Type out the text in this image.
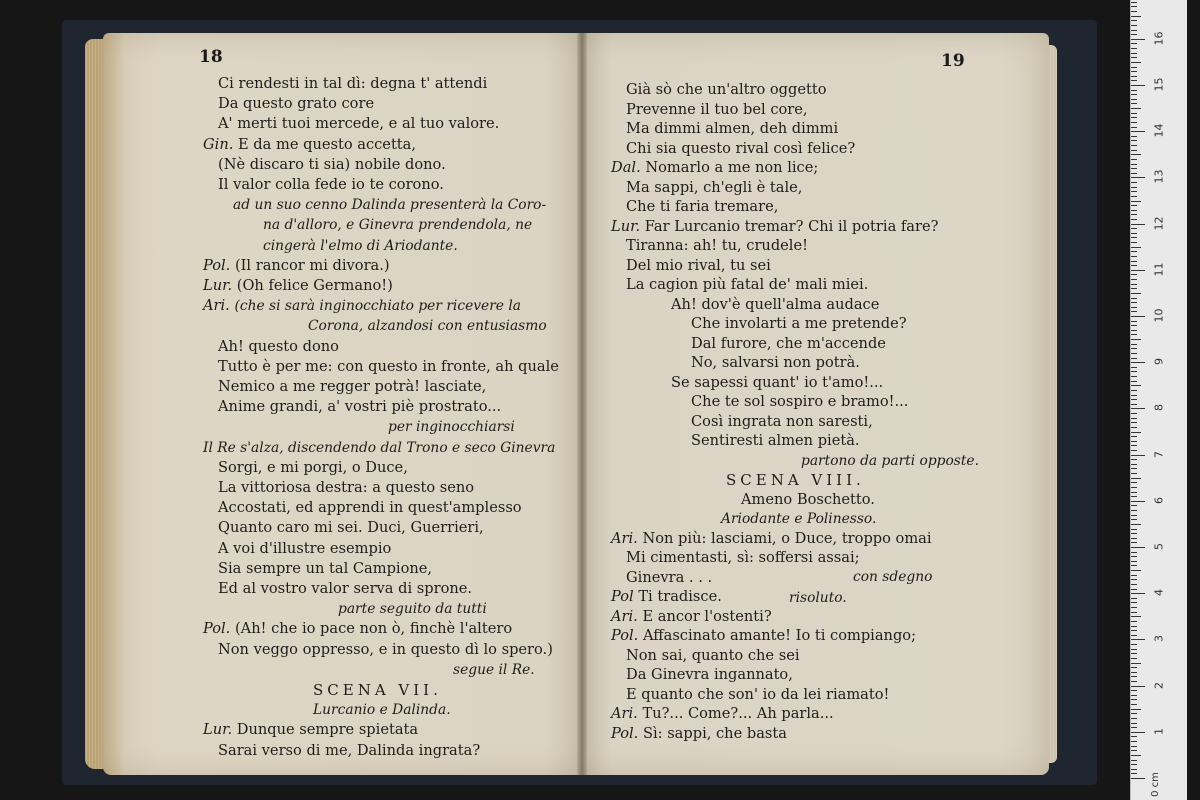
18
Ci rendesti in tal dì: degna t' attendi
Da questo grato core
A' merti tuoi mercede, e al tuo valore.
Gin. E da me questo accetta,
(Nè discaro ti sia) nobile dono.
Il valor colla fede io te corono.
ad un suo cenno Dalinda presenterà la Coro-
na d'alloro, e Ginevra prendendola, ne
cingerà l'elmo di Ariodante.
Pol. (Il rancor mi divora.)
Lur. (Oh felice Germano!)
Ari. (che si sarà inginocchiato per ricevere la
Corona, alzandosi con entusiasmo
Ah! questo dono
Tutto è per me: con questo in fronte, ah quale
Nemico a me regger potrà! lasciate,
Anime grandi, a' vostri piè prostrato...
per inginocchiarsi
Il Re s'alza, discendendo dal Trono e seco Ginevra
Sorgi, e mi porgi, o Duce,
La vittoriosa destra: a questo seno
Accostati, ed apprendi in quest'amplesso
Quanto caro mi sei. Duci, Guerrieri,
A voi d'illustre esempio
Sia sempre un tal Campione,
Ed al vostro valor serva di sprone.
parte seguito da tutti
Pol. (Ah! che io pace non ò, finchè l'altero
Non veggo oppresso, e in questo dì lo spero.)
segue il Re.
SCENA VII.
Lurcanio e Dalinda.
Lur. Dunque sempre spietata
Sarai verso di me, Dalinda ingrata?
19
con sdegno
risoluto.
Già sò che un'altro oggetto
Prevenne il tuo bel core,
Ma dimmi almen, deh dimmi
Chi sia questo rival così felice?
Dal. Nomarlo a me non lice;
Ma sappi, ch'egli è tale,
Che ti faria tremare,
Lur. Far Lurcanio tremar? Chi il potria fare?
Tiranna: ah! tu, crudele!
Del mio rival, tu sei
La cagion più fatal de' mali miei.
Ah! dov'è quell'alma audace
Che involarti a me pretende?
Dal furore, che m'accende
No, salvarsi non potrà.
Se sapessi quant' io t'amo!...
Che te sol sospiro e bramo!...
Così ingrata non saresti,
Sentiresti almen pietà.
partono da parti opposte.
SCENA VIII.
Ameno Boschetto.
Ariodante e Polinesso.
Ari. Non più: lasciami, o Duce, troppo omai
Mi cimentasti, sì: soffersi assai;
Ginevra . . .
Pol Ti tradisce.
Ari. E ancor l'ostenti?
Pol. Affascinato amante! Io ti compiango;
Non sai, quanto che sei
Da Ginevra ingannato,
E quanto che son' io da lei riamato!
Ari. Tu?... Come?... Ah parla...
Pol. Sì: sappi, che basta
0 cm
1
2
3
4
5
6
7
8
9
10
11
12
13
14
15
16
